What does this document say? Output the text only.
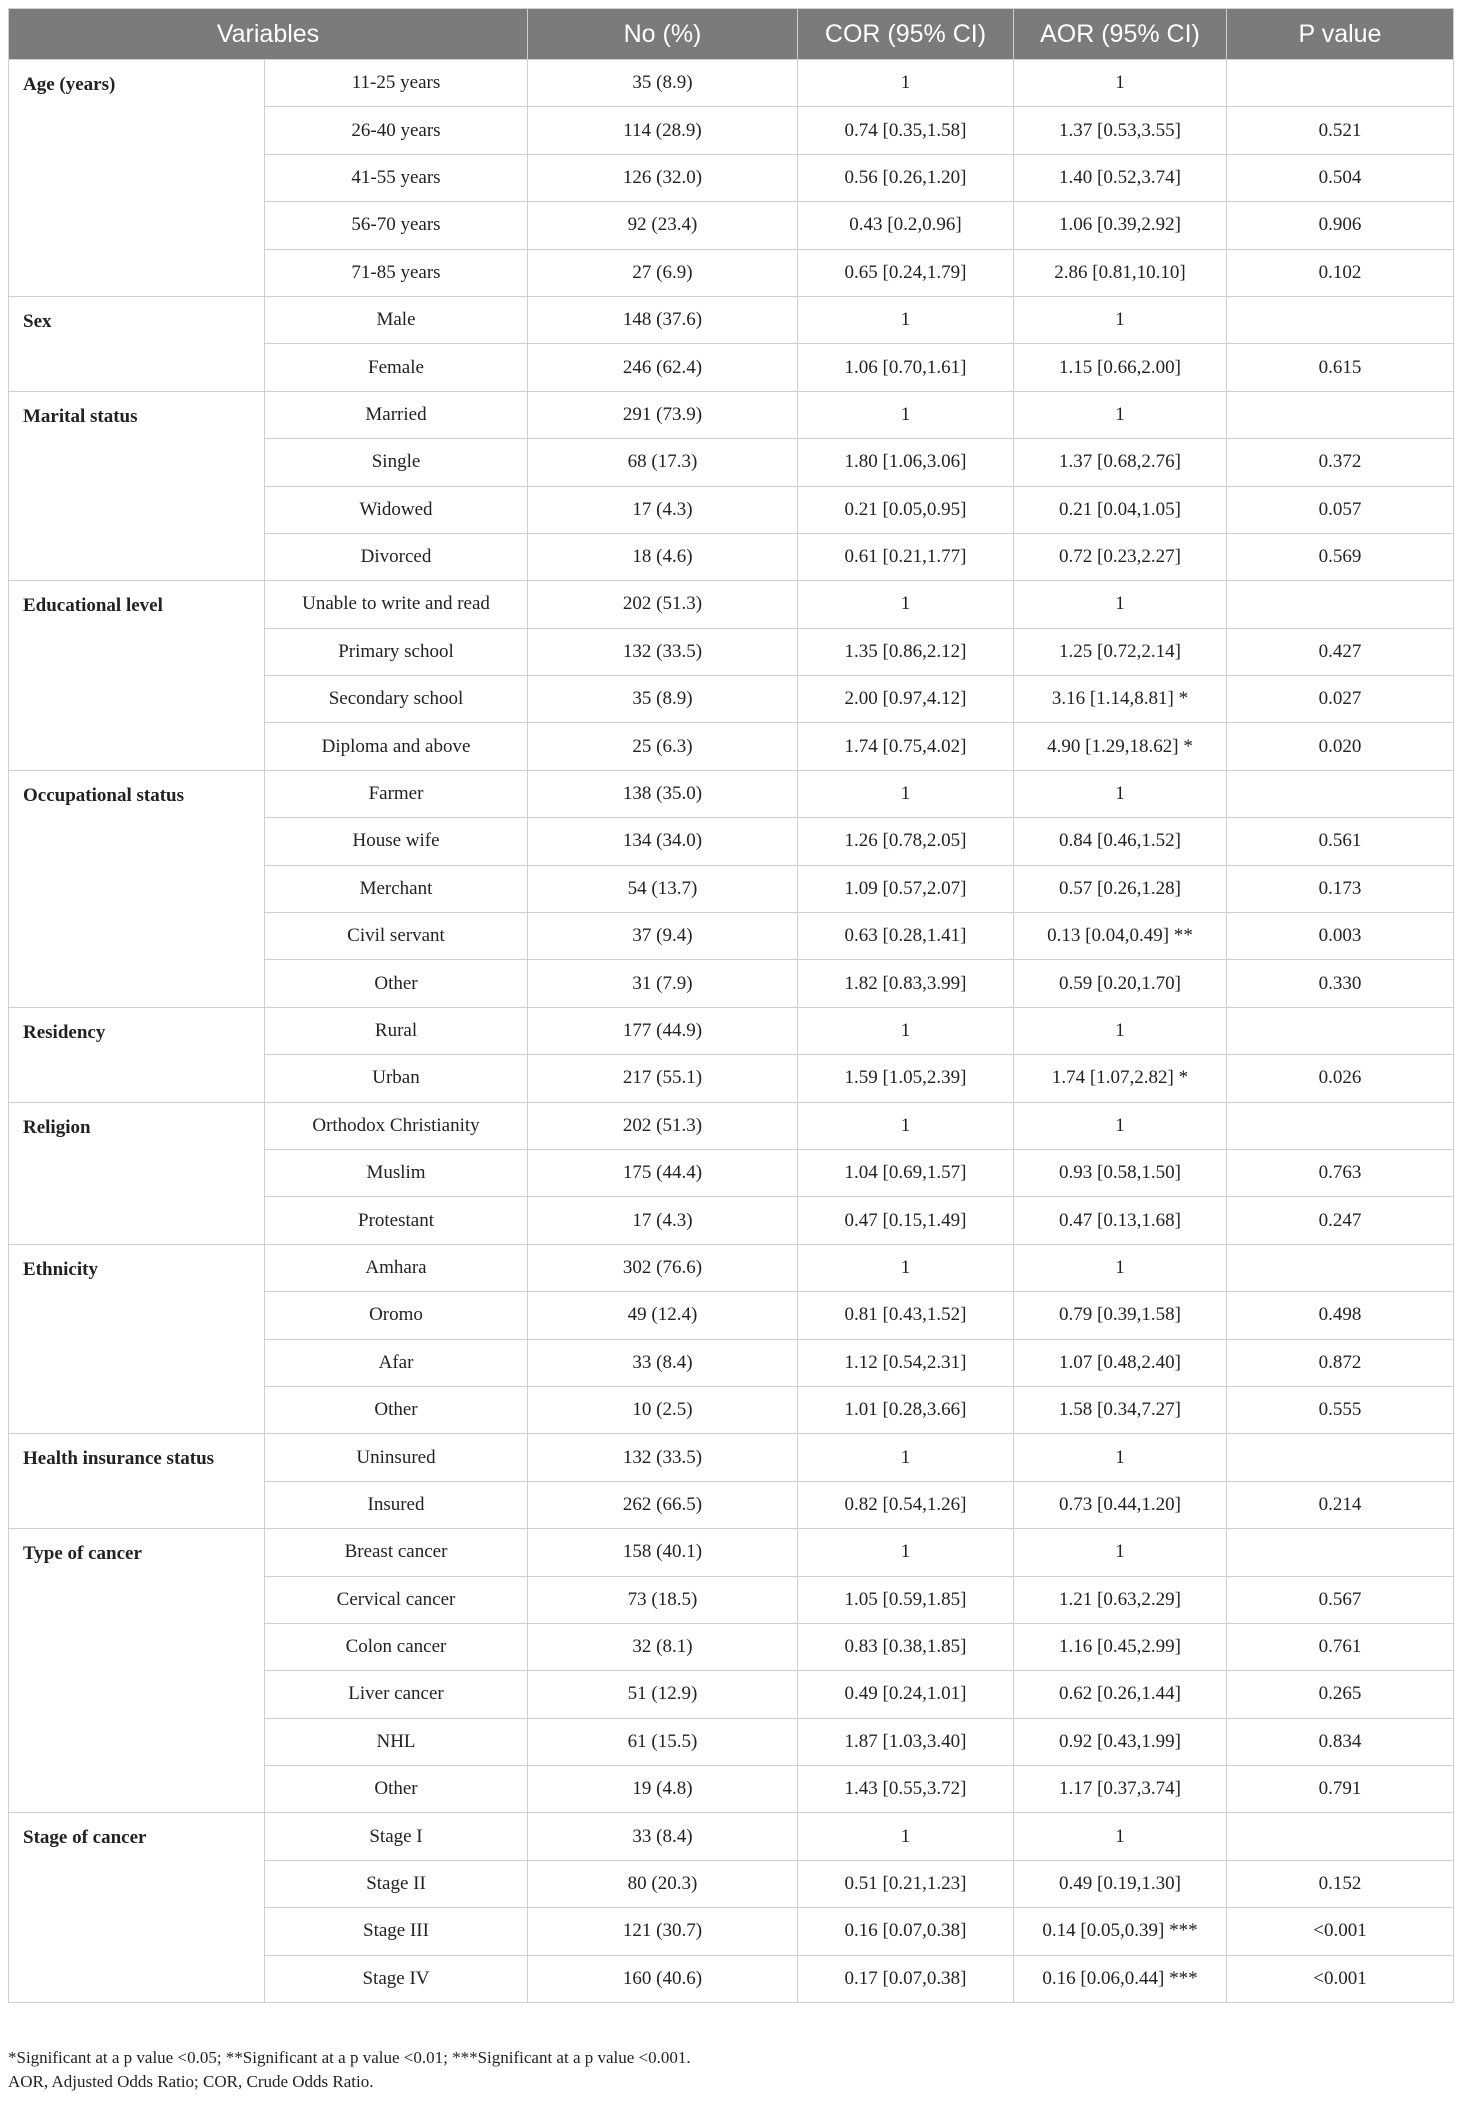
Variables		No (%)	COR (95% CI)	AOR (95% CI)	P value
Age (years)	11-25 years	35 (8.9)	1	1	
	26-40 years	114 (28.9)	0.74 [0.35,1.58]	1.37 [0.53,3.55]	0.521
	41-55 years	126 (32.0)	0.56 [0.26,1.20]	1.40 [0.52,3.74]	0.504
	56-70 years	92 (23.4)	0.43 [0.2,0.96]	1.06 [0.39,2.92]	0.906
	71-85 years	27 (6.9)	0.65 [0.24,1.79]	2.86 [0.81,10.10]	0.102
Sex	Male	148 (37.6)	1	1	
	Female	246 (62.4)	1.06 [0.70,1.61]	1.15 [0.66,2.00]	0.615
Marital status	Married	291 (73.9)	1	1	
	Single	68 (17.3)	1.80 [1.06,3.06]	1.37 [0.68,2.76]	0.372
	Widowed	17 (4.3)	0.21 [0.05,0.95]	0.21 [0.04,1.05]	0.057
	Divorced	18 (4.6)	0.61 [0.21,1.77]	0.72 [0.23,2.27]	0.569
Educational level	Unable to write and read	202 (51.3)	1	1	
	Primary school	132 (33.5)	1.35 [0.86,2.12]	1.25 [0.72,2.14]	0.427
	Secondary school	35 (8.9)	2.00 [0.97,4.12]	3.16 [1.14,8.81] *	0.027
	Diploma and above	25 (6.3)	1.74 [0.75,4.02]	4.90 [1.29,18.62] *	0.020
Occupational status	Farmer	138 (35.0)	1	1	
	House wife	134 (34.0)	1.26 [0.78,2.05]	0.84 [0.46,1.52]	0.561
	Merchant	54 (13.7)	1.09 [0.57,2.07]	0.57 [0.26,1.28]	0.173
	Civil servant	37 (9.4)	0.63 [0.28,1.41]	0.13 [0.04,0.49] **	0.003
	Other	31 (7.9)	1.82 [0.83,3.99]	0.59 [0.20,1.70]	0.330
Residency	Rural	177 (44.9)	1	1	
	Urban	217 (55.1)	1.59 [1.05,2.39]	1.74 [1.07,2.82] *	0.026
Religion	Orthodox Christianity	202 (51.3)	1	1	
	Muslim	175 (44.4)	1.04 [0.69,1.57]	0.93 [0.58,1.50]	0.763
	Protestant	17 (4.3)	0.47 [0.15,1.49]	0.47 [0.13,1.68]	0.247
Ethnicity	Amhara	302 (76.6)	1	1	
	Oromo	49 (12.4)	0.81 [0.43,1.52]	0.79 [0.39,1.58]	0.498
	Afar	33 (8.4)	1.12 [0.54,2.31]	1.07 [0.48,2.40]	0.872
	Other	10 (2.5)	1.01 [0.28,3.66]	1.58 [0.34,7.27]	0.555
Health insurance status	Uninsured	132 (33.5)	1	1	
	Insured	262 (66.5)	0.82 [0.54,1.26]	0.73 [0.44,1.20]	0.214
Type of cancer	Breast cancer	158 (40.1)	1	1	
	Cervical cancer	73 (18.5)	1.05 [0.59,1.85]	1.21 [0.63,2.29]	0.567
	Colon cancer	32 (8.1)	0.83 [0.38,1.85]	1.16 [0.45,2.99]	0.761
	Liver cancer	51 (12.9)	0.49 [0.24,1.01]	0.62 [0.26,1.44]	0.265
	NHL	61 (15.5)	1.87 [1.03,3.40]	0.92 [0.43,1.99]	0.834
	Other	19 (4.8)	1.43 [0.55,3.72]	1.17 [0.37,3.74]	0.791
Stage of cancer	Stage I	33 (8.4)	1	1	
	Stage II	80 (20.3)	0.51 [0.21,1.23]	0.49 [0.19,1.30]	0.152
	Stage III	121 (30.7)	0.16 [0.07,0.38]	0.14 [0.05,0.39] ***	<0.001
	Stage IV	160 (40.6)	0.17 [0.07,0.38]	0.16 [0.06,0.44] ***	<0.001
*Significant at a p value <0.05; **Significant at a p value <0.01; ***Significant at a p value <0.001.
AOR, Adjusted Odds Ratio; COR, Crude Odds Ratio.
